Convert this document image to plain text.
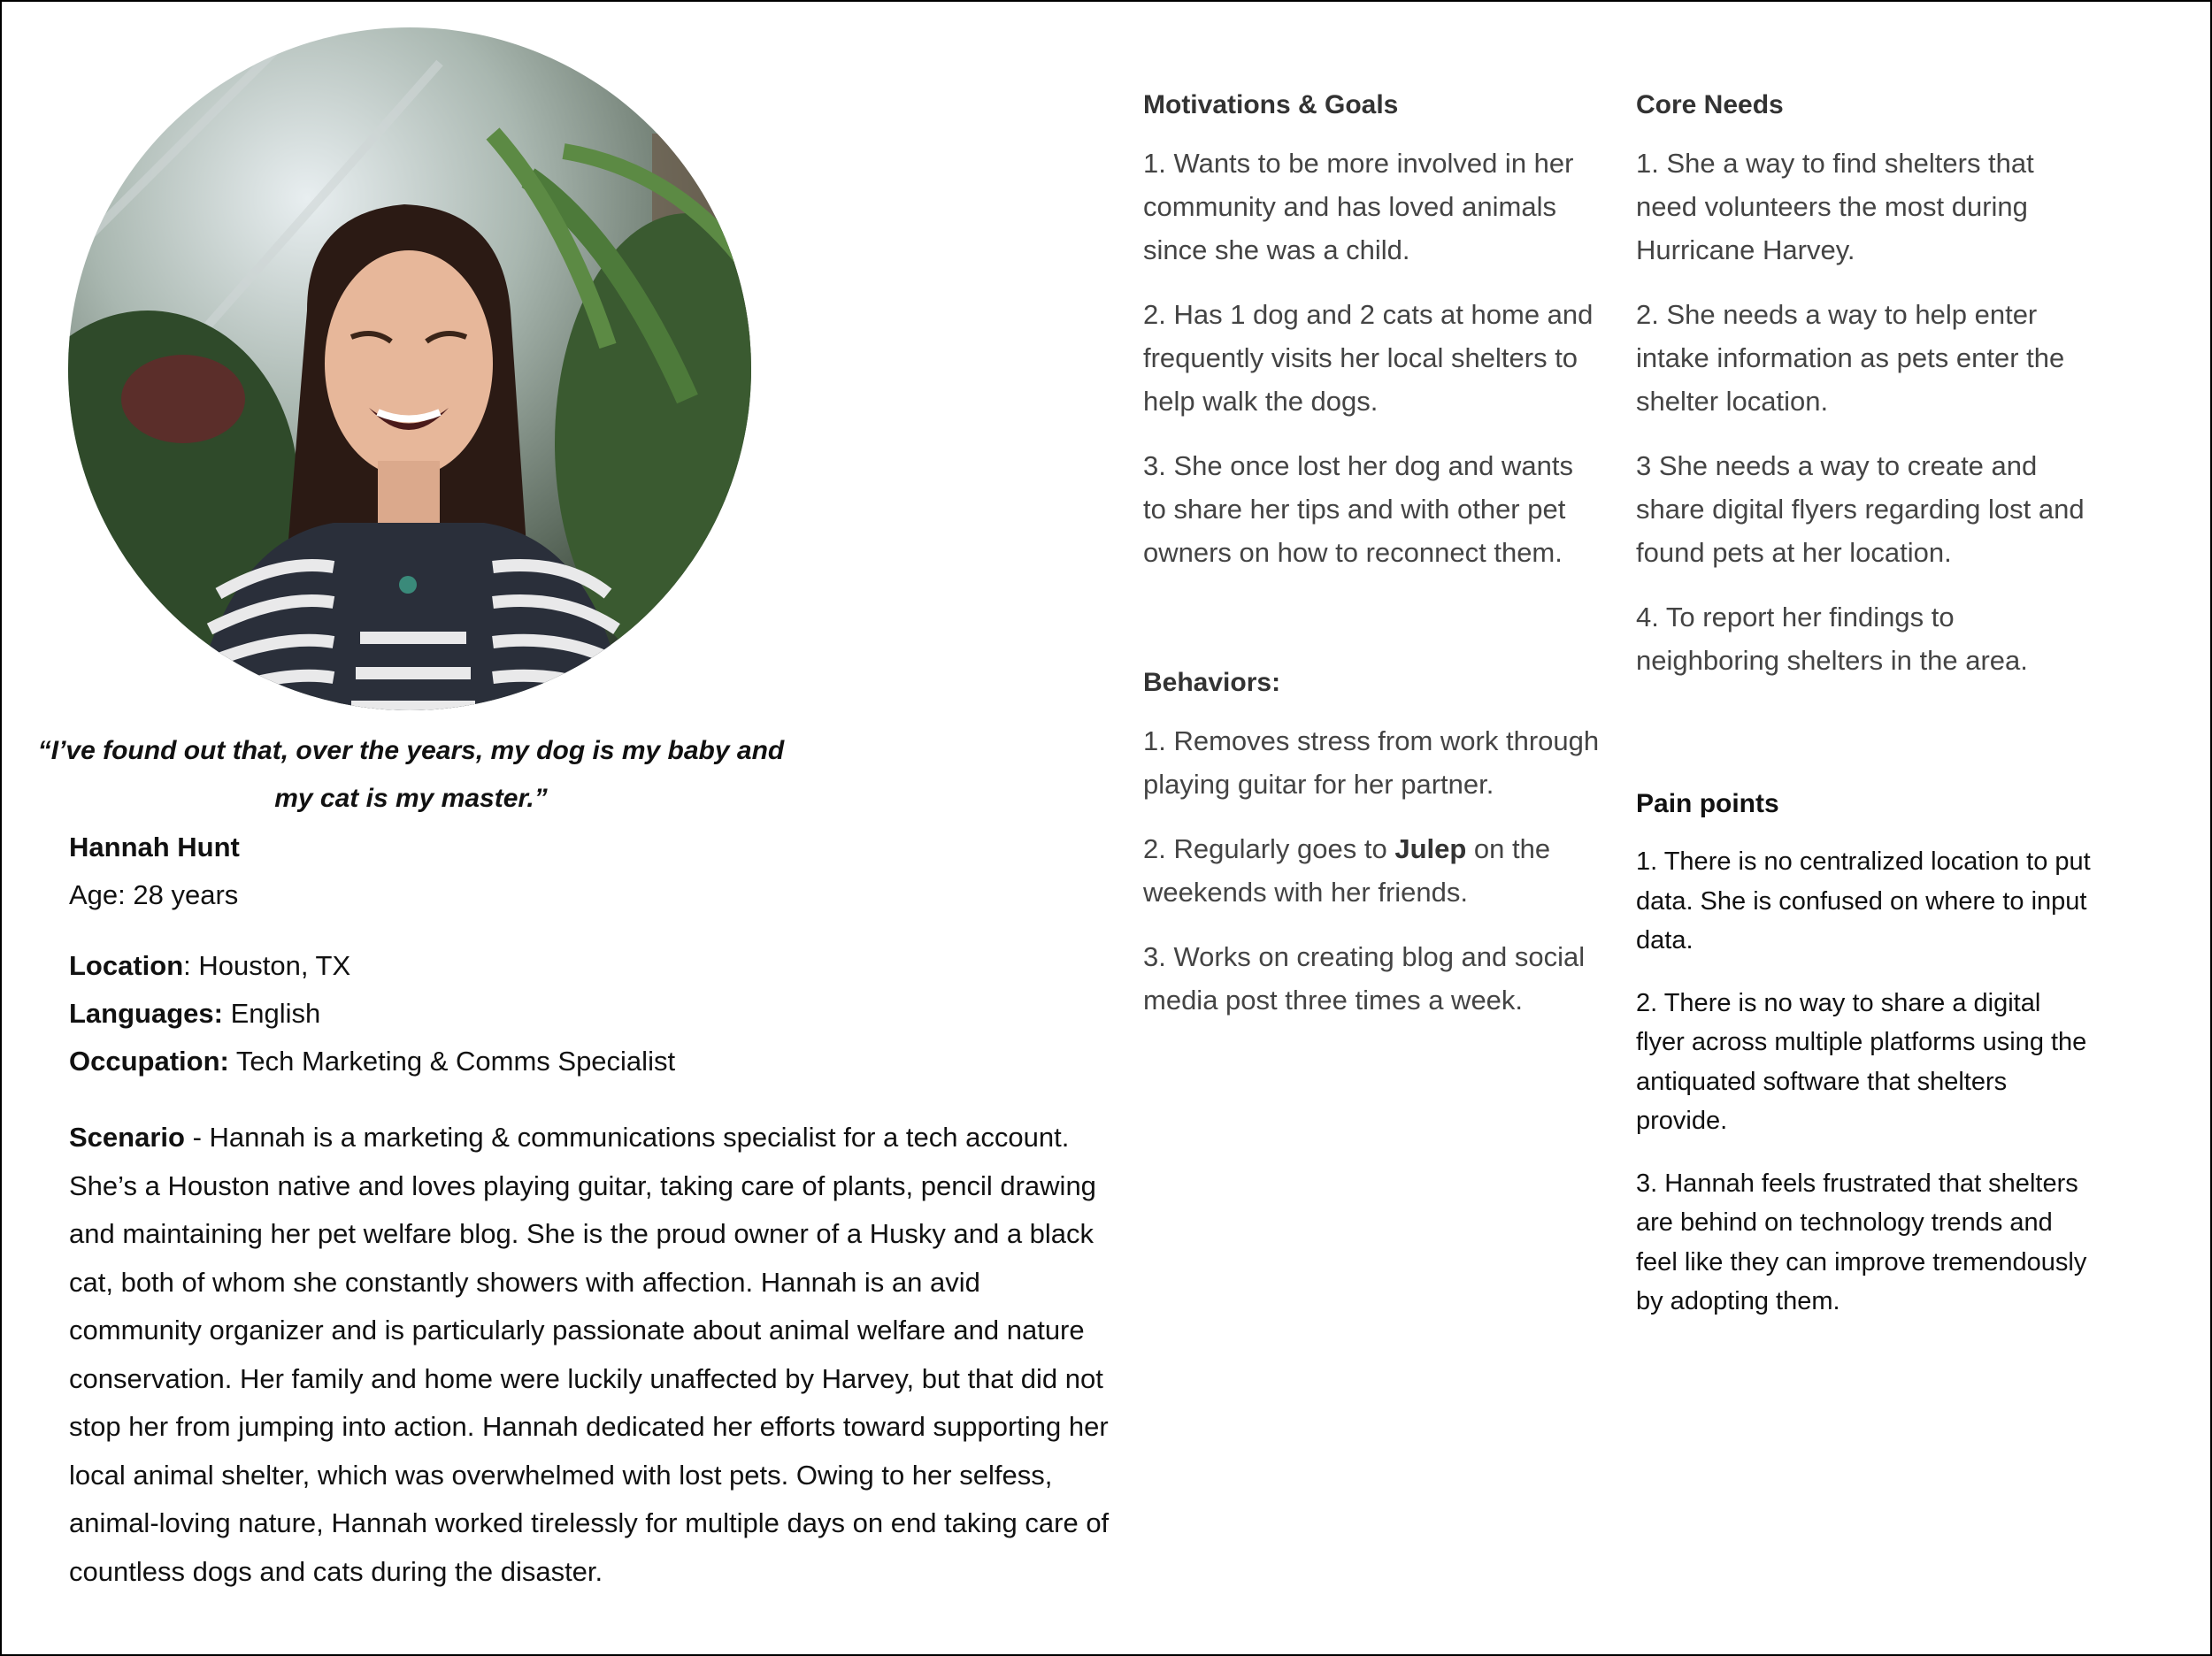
“I’ve found out that, over the years, my dog is my baby and
my cat is my master.”
Hannah Hunt
Age: 28 years
Location: Houston, TX
Languages: English
Occupation: Tech Marketing & Comms Specialist

Scenario - Hannah is a marketing & communications specialist for a tech account. She’s a Houston native and loves playing guitar, taking care of plants, pencil drawing and maintaining her pet welfare blog. She is the proud owner of a Husky and a black cat, both of whom she constantly showers with affection. Hannah is an avid community organizer and is particularly passionate about animal welfare and nature conservation. Her family and home were luckily unaffected by Harvey, but that did not stop her from jumping into action. Hannah dedicated her efforts toward supporting her local animal shelter, which was overwhelmed with lost pets. Owing to her selfess, animal-loving nature, Hannah worked tirelessly for multiple days on end taking care of countless dogs and cats during the disaster.

Motivations & Goals

1. Wants to be more involved in her community and has loved animals since she was a child.

2. Has 1 dog and 2 cats at home and frequently visits her local shelters to help walk the dogs.

3. She once lost her dog and wants to share her tips and with other pet owners on how to reconnect them.

Behaviors:

1. Removes stress from work through playing guitar for her partner.

2. Regularly goes to Julep on the weekends with her friends.

3. Works on creating blog and social media post three times a week.

Core Needs

1. She a way to find shelters that need volunteers the most during Hurricane Harvey.

2. She needs a way to help enter intake information as pets enter the shelter location.

3 She needs a way to create and share digital flyers regarding lost and found pets at her location.

4. To report her findings to neighboring shelters in the area.

Pain points

1. There is no centralized location to put data. She is confused on where to input data.

2. There is no way to share a digital flyer across multiple platforms using the antiquated software that shelters provide.

3. Hannah feels frustrated that shelters are behind on technology trends and feel like they can improve tremendously by adopting them.
